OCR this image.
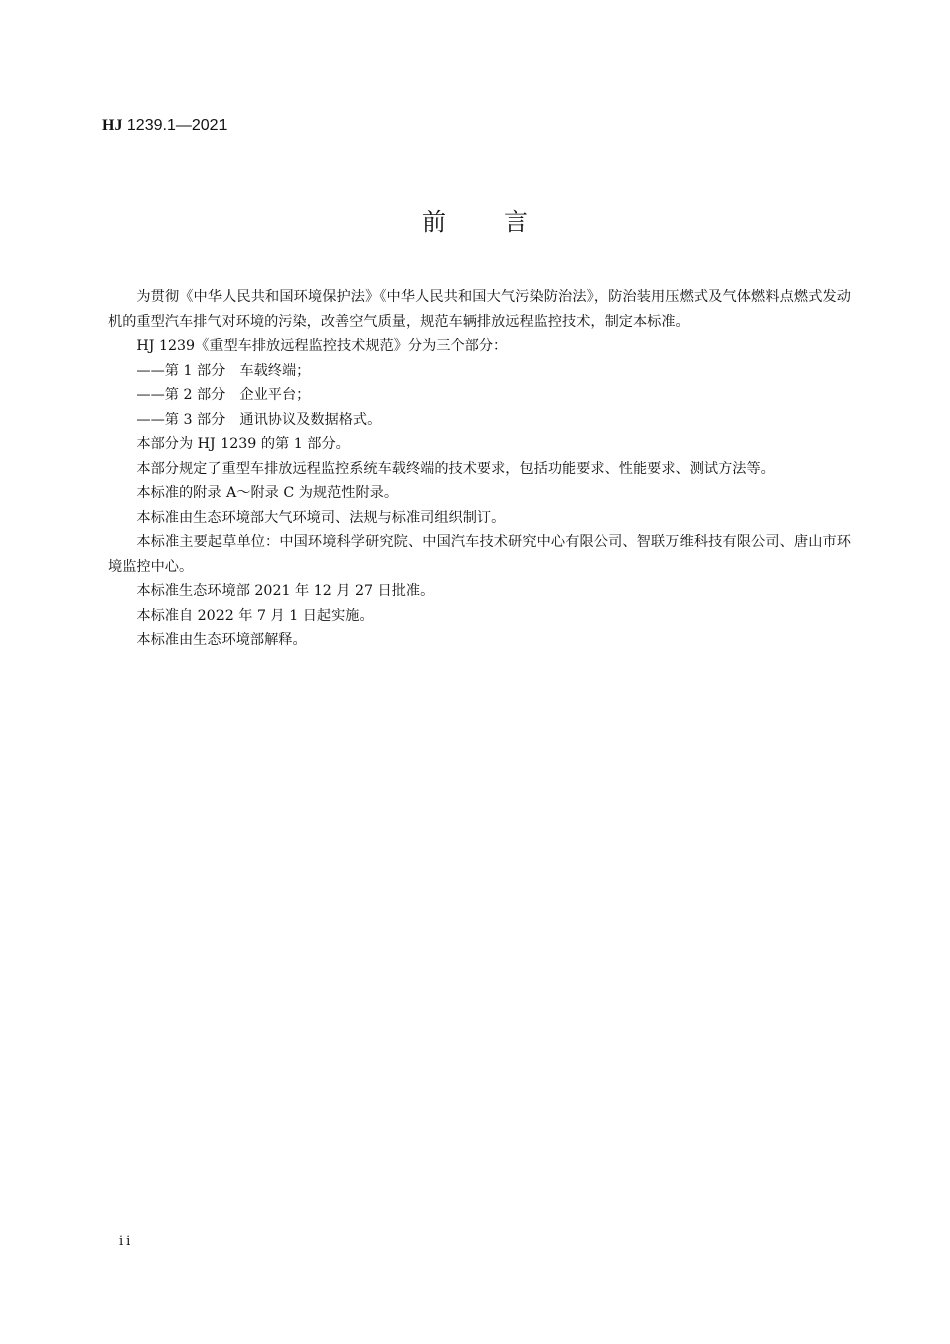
HJ 1239.1—2021
前言

为贯彻《中华人民共和国环境保护法》《中华人民共和国大气污染防治法》，防治装用压燃式及气体燃料点燃式发动机的重型汽车排气对环境的污染，改善空气质量，规范车辆排放远程监控技术，制定本标准。

HJ 1239《重型车排放远程监控技术规范》分为三个部分：

——第 1 部分 车载终端；

——第 2 部分 企业平台；

——第 3 部分 通讯协议及数据格式。

本部分为 HJ 1239 的第 1 部分。

本部分规定了重型车排放远程监控系统车载终端的技术要求，包括功能要求、性能要求、测试方法等。

本标准的附录 A～附录 C 为规范性附录。

本标准由生态环境部大气环境司、法规与标准司组织制订。

本标准主要起草单位：中国环境科学研究院、中国汽车技术研究中心有限公司、智联万维科技有限公司、唐山市环境监控中心。

本标准生态环境部 2021 年 12 月 27 日批准。

本标准自 2022 年 7 月 1 日起实施。

本标准由生态环境部解释。

ii
